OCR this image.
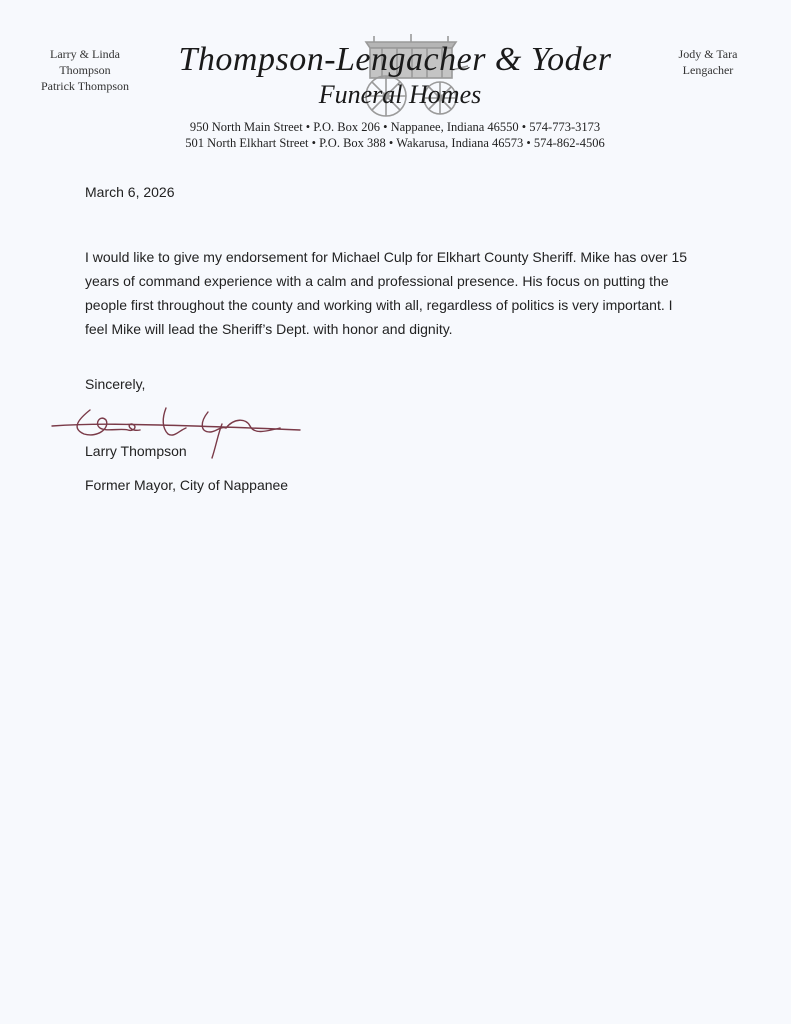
Larry & Linda
Thompson
Patrick Thompson
Thompson-Lengacher & Yoder
Funeral Homes
Jody & Tara
Lengacher
950 North Main Street • P.O. Box 206 • Nappanee, Indiana 46550 • 574-773-3173
501 North Elkhart Street • P.O. Box 388 • Wakarusa, Indiana 46573 • 574-862-4506
March 6, 2026
I would like to give my endorsement for Michael Culp for Elkhart County Sheriff. Mike has over 15 years of command experience with a calm and professional presence. His focus on putting the people first throughout the county and working with all, regardless of politics is very important. I feel Mike will lead the Sheriff’s Dept. with honor and dignity.
Sincerely,
Larry Thompson
Former Mayor, City of Nappanee
